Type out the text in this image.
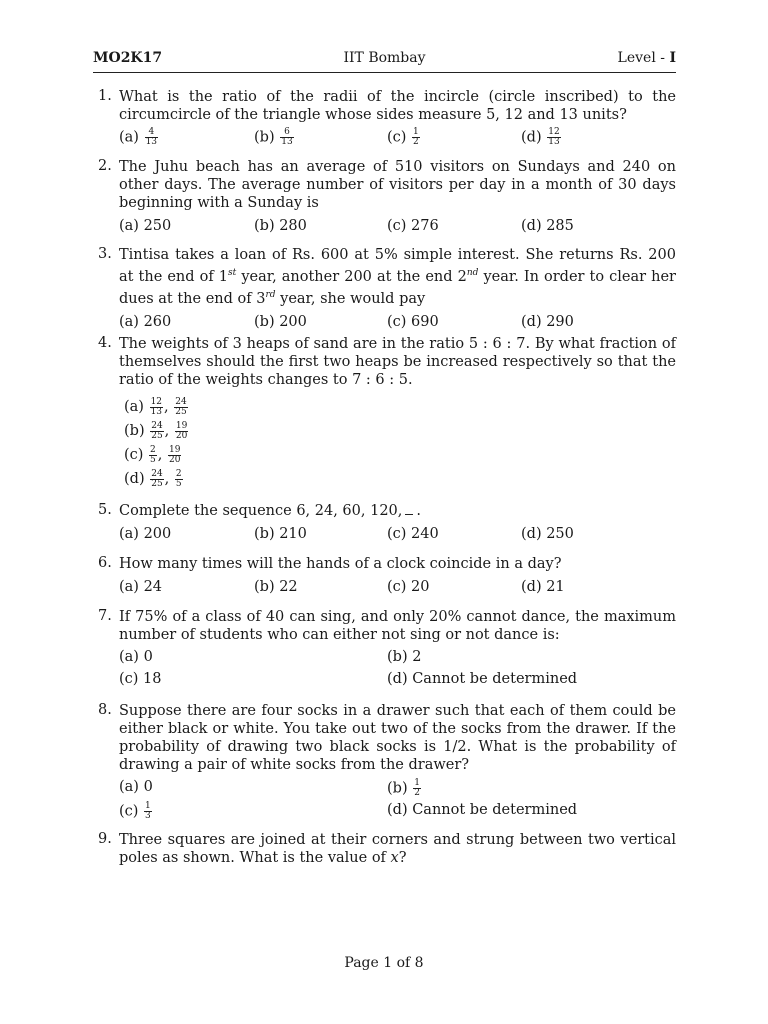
MO2K17	IIT Bombay	Level - I
1. What is the ratio of the radii of the incircle (circle inscribed) to the circumcircle of the triangle whose sides measure 5, 12 and 13 units?
$(a) \frac{4}{13}$	$(b) \frac{6}{13}$	$(c) \frac{1}{2}$	$(d) \frac{12}{13}$
2. The Juhu beach has an average of 510 visitors on Sundays and 240 on other days. The average number of visitors per day in a month of 30 days beginning with a Sunday is
(a) 250	(b) 280	(c) 276	(d) 285
3. Tintisa takes a loan of Rs. 600 at 5% simple interest. She returns Rs. 200 at the end of 1st year, another 200 at the end 2nd year. In order to clear her dues at the end of 3rd year, she would pay
(a) 260	(b) 200	(c) 690	(d) 290
4. The weights of 3 heaps of sand are in the ratio 5 : 6 : 7. By what fraction of themselves should the first two heaps be increased respectively so that the ratio of the weights changes to 7 : 6 : 5.
$(a) \frac{12}{13}$ , $\frac{24}{25}$
$(b) \frac{24}{25}$ , $\frac{19}{20}$
$(c) \frac{2}{5}$ , $\frac{19}{20}$
$(d) \frac{24}{25}$ , $\frac{2}{5}$
5. Complete the sequence 6, 24, 60, 120, .
(a) 200	(b) 210	(c) 240	(d) 250
6. How many times will the hands of a clock coincide in a day?
(a) 24	(b) 22	(c) 20	(d) 21
7. If 75% of a class of 40 can sing, and only 20% cannot dance, the maximum number of students who can either not sing or not dance is:
(a) 0	(b) 2
(c) 18	(d) Cannot be determined
8. Suppose there are four socks in a drawer such that each of them could be either black or white. You take out two of the socks from the drawer. If the probability of drawing two black socks is 1/2. What is the probability of drawing a pair of white socks from the drawer?
(a) 0	$(b) \frac{1}{2}$
$(c) \frac{1}{3}$	(d) Cannot be determined
9. Three squares are joined at their corners and strung between two vertical poles as shown. What is the value of x?
Page 1 of 8
